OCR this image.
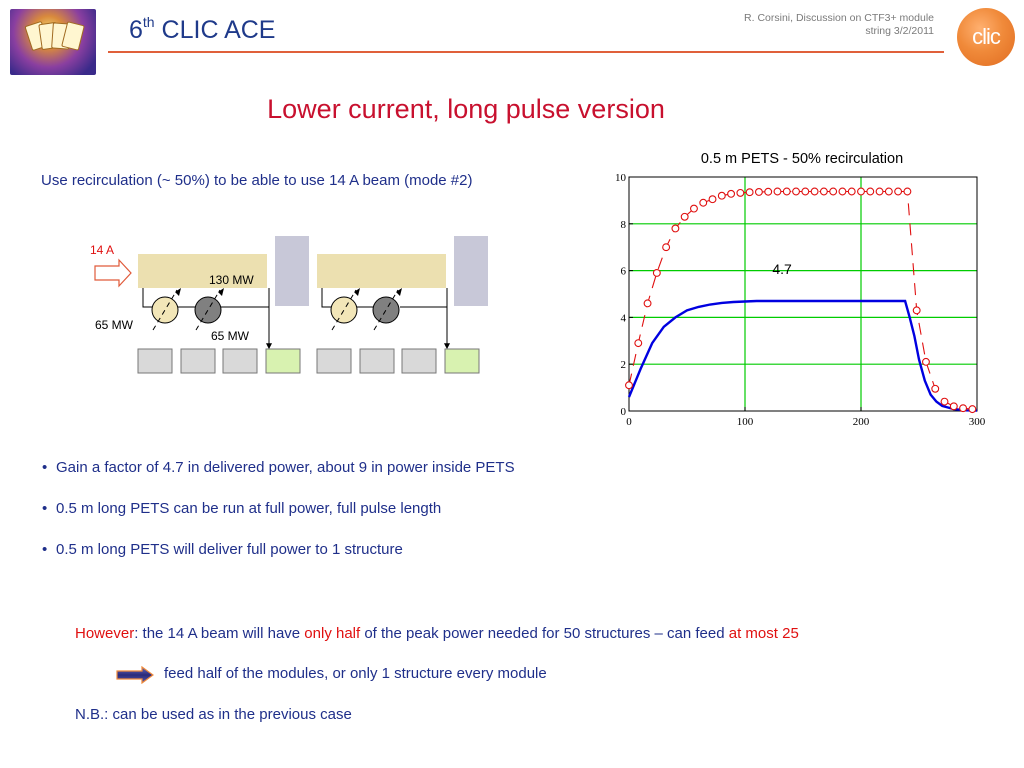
6th CLIC ACE	R. Corsini, Discussion on CTF3+ module
string 3/2/2011	clic
Lower current, long pulse version
Use recirculation (~ 50%) to be able to use 14 A beam (mode #2)
14 A
130 MW
65 MW
65 MW
0.5 m PETS - 50% recirculation
0
2
4
6
8
10
0	100	200	300
4.7
• Gain a factor of 4.7 in delivered power, about 9 in power inside PETS
• 0.5 m long PETS can be run at full power, full pulse length
• 0.5 m long PETS will deliver full power to 1 structure
However: the 14 A beam will have only half of the peak power needed for 50 structures – can feed at most 25
feed half of the modules, or only 1 structure every module
N.B.: can be used as in the previous case
